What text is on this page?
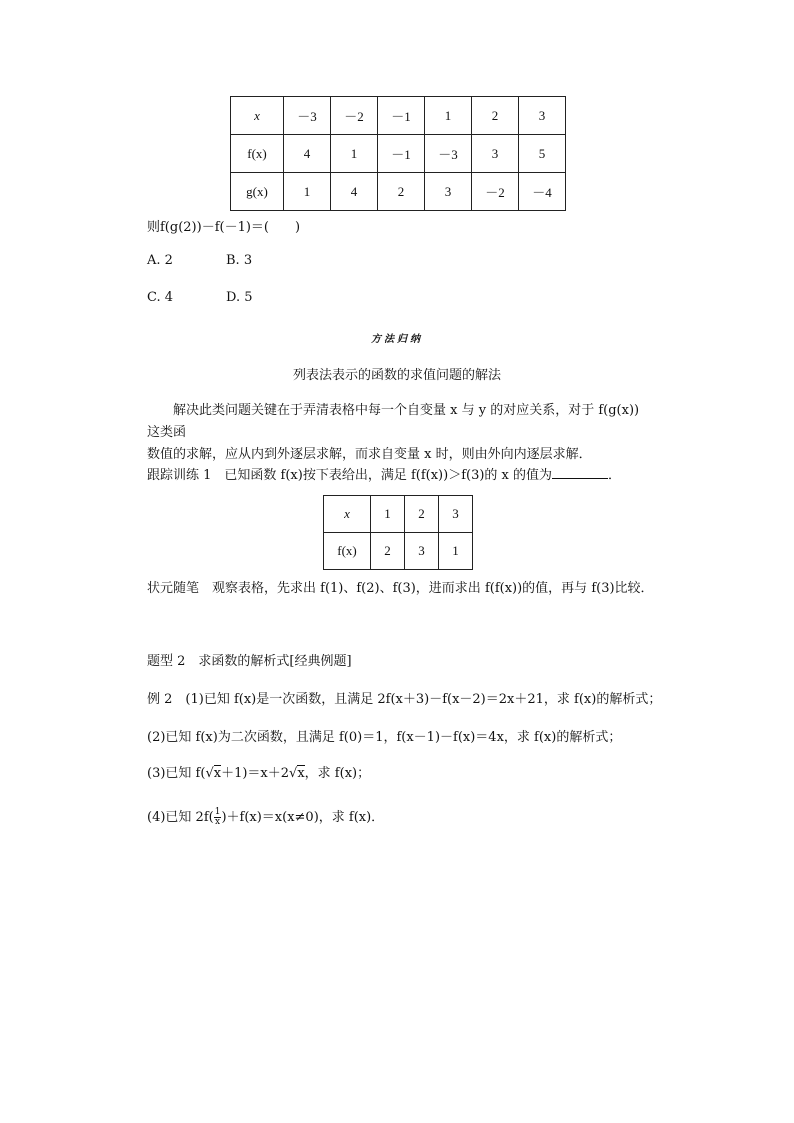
x	－3	－2	－1	1	2	3
f(x)	4	1	－1	－3	3	5
g(x)	1	4	2	3	－2	－4
则f(g(2))－f(－1)＝(　　)
A. 2	B. 3
C. 4	D. 5
方法归纳
列表法表示的函数的求值问题的解法
解决此类问题关键在于弄清表格中每一个自变量 x 与 y 的对应关系，对于 f(g(x))这类函
数值的求解，应从内到外逐层求解，而求自变量 x 时，则由外向内逐层求解．
跟踪训练 1　已知函数 f(x)按下表给出，满足 f(f(x))＞f(3)的 x 的值为	．
x	1	2	3
f(x)	2	3	1
状元随笔　观察表格，先求出 f(1)、f(2)、f(3)，进而求出 f(f(x))的值，再与 f(3)比较．
题型 2　求函数的解析式[经典例题]
例 2　(1)已知 f(x)是一次函数，且满足 2f(x＋3)－f(x－2)＝2x＋21，求 f(x)的解析式；
(2)已知 f(x)为二次函数，且满足 f(0)＝1，f(x－1)－f(x)＝4x，求 f(x)的解析式；
(3)已知 f(√x＋1)＝x＋2√x，求 f(x)；
(4)已知 $2f( \frac{1}{x} )+f(x)=x(x\ne 0)$，求 f(x)．
